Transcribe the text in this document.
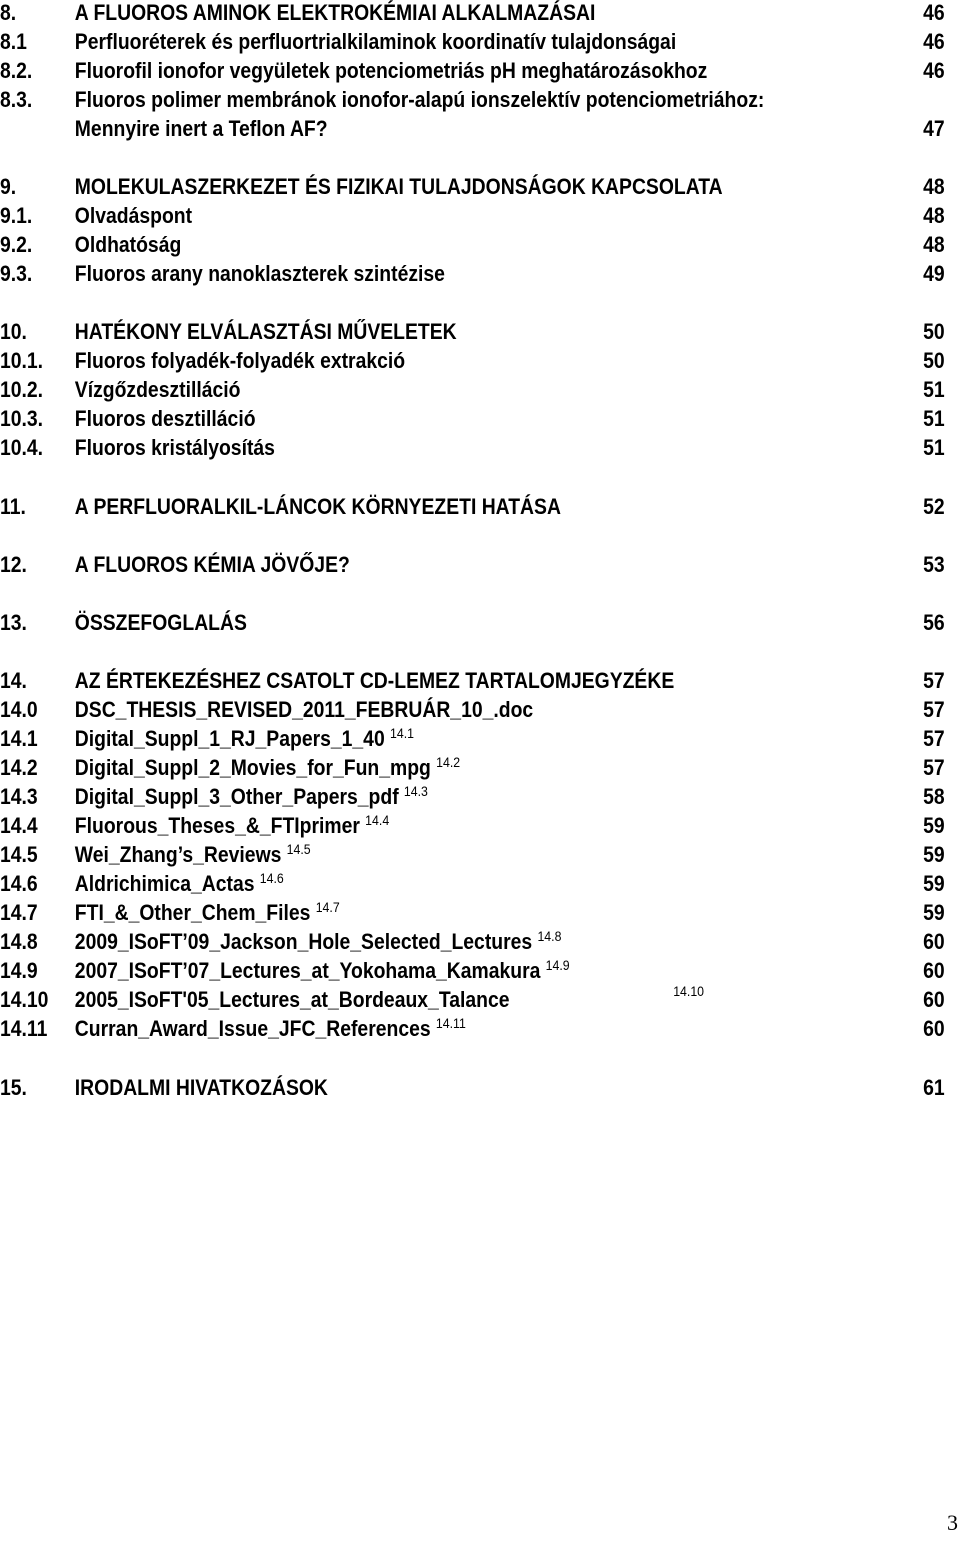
8.	A FLUOROS AMINOK ELEKTROKÉMIAI ALKALMAZÁSAI	46
8.1 Perfluoréterek és perfluortrialkilaminok koordinatív tulajdonságai	46
8.2. Fluorofil ionofor vegyületek potenciometriás pH meghatározásokhoz	46
8.3. Fluoros polimer membránok ionofor-alapú ionszelektív potenciometriához:
Mennyire inert a Teflon AF?	47
9.	MOLEKULASZERKEZET ÉS FIZIKAI TULAJDONSÁGOK KAPCSOLATA	48
9.1. Olvadáspont	48
9.2. Oldhatóság	48
9.3. Fluoros arany nanoklaszterek szintézise	49
10. HATÉKONY ELVÁLASZTÁSI MŰVELETEK	50
10.1. Fluoros folyadék-folyadék extrakció	50
10.2. Vízgőzdesztilláció	51
10.3. Fluoros desztilláció	51
10.4. Fluoros kristályosítás	51
11. A PERFLUORALKIL-LÁNCOK KÖRNYEZETI HATÁSA	52
12. A FLUOROS KÉMIA JÖVŐJE?	53
13. ÖSSZEFOGLALÁS	56
14. AZ ÉRTEKEZÉSHEZ CSATOLT CD-LEMEZ TARTALOMJEGYZÉKE	57
14.0 DSC_THESIS_REVISED_2011_FEBRUÁR_10_.doc	57
14.1 Digital_Suppl_1_RJ_Papers_1_40 $^{14.1}$	57
14.2 Digital_Suppl_2_Movies_for_Fun_mpg $^{14.2}$	57
14.3 Digital_Suppl_3_Other_Papers_pdf $^{14.3}$	58
14.4 Fluorous_Theses_&_FTIprimer $^{14.4}$	59
14.5 Wei_Zhang’s_Reviews $^{14.5}$	59
14.6 Aldrichimica_Actas $^{14.6}$	59
14.7 FTI_&_Other_Chem_Files $^{14.7}$	59
14.8 2009_ISoFT’09_Jackson_Hole_Selected_Lectures $^{14.8}$	60
14.9 2007_ISoFT’07_Lectures_at_Yokohama_Kamakura $^{14.9}$	60
14.10 2005_ISoFT'05_Lectures_at_Bordeaux_Talance	14.10	60
14.11 Curran_Award_Issue_JFC_References $^{14.11}$	60
15. IRODALMI HIVATKOZÁSOK	61
3
